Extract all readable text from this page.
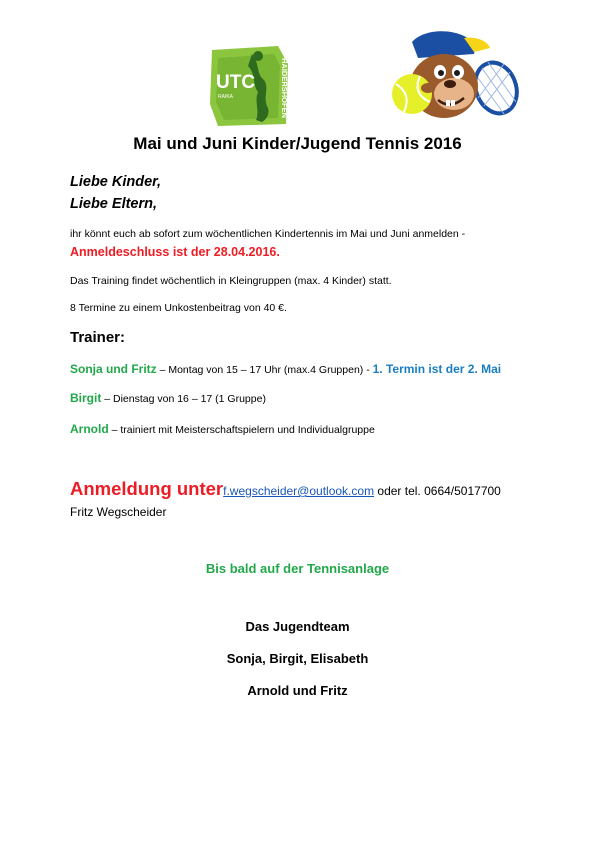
UTC
RAIKA	HAIDERSHOFEN
Mai und Juni Kinder/Jugend Tennis 2016
Liebe Kinder,
Liebe Eltern,
ihr könnt euch ab sofort zum wöchentlichen Kindertennis im Mai und Juni anmelden -
Anmeldeschluss ist der 28.04.2016.
Das Training findet wöchentlich in Kleingruppen (max. 4 Kinder) statt.
8 Termine zu einem Unkostenbeitrag von 40 €.
Trainer:
Sonja und Fritz – Montag von 15 – 17 Uhr (max.4 Gruppen) - 1. Termin ist der 2. Mai
Birgit – Dienstag von 16 – 17 (1 Gruppe)
Arnold – trainiert mit Meisterschaftspielern und Individualgruppe
Anmeldung unterf.wegscheider@outlook.com oder tel. 0664/5017700
Fritz Wegscheider
Bis bald auf der Tennisanlage
Das Jugendteam
Sonja, Birgit, Elisabeth
Arnold und Fritz
